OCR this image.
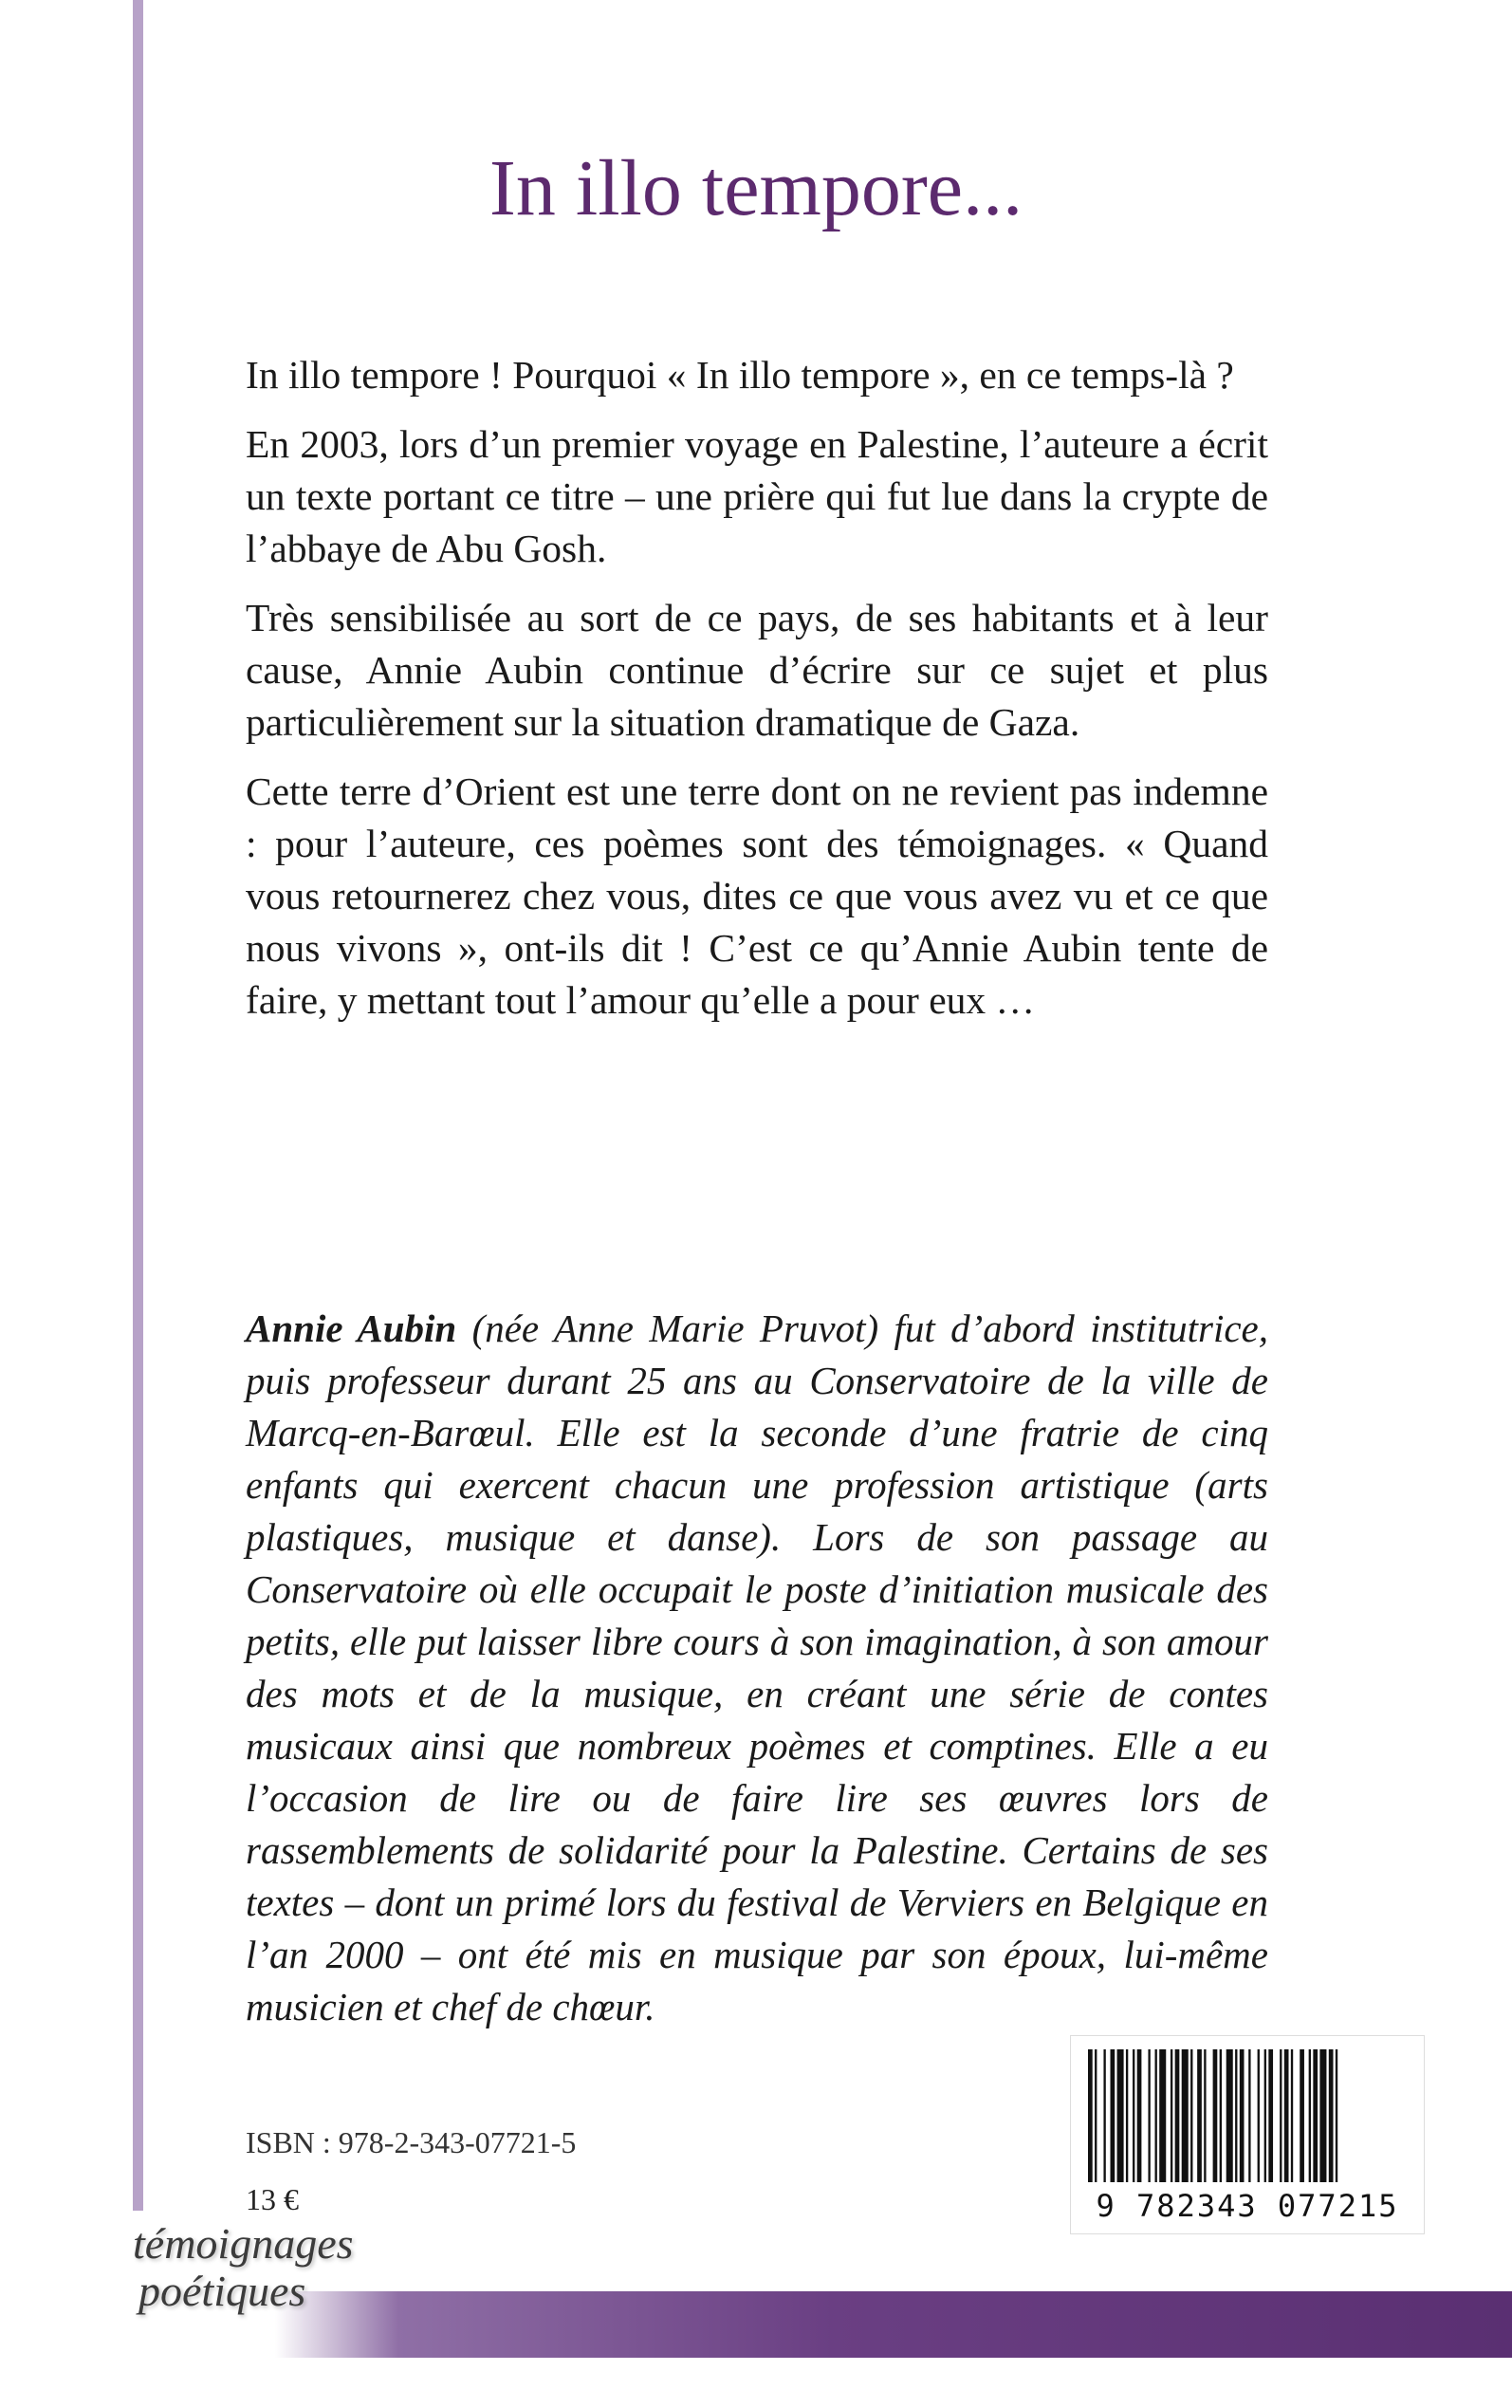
In illo tempore...

In illo tempore ! Pourquoi « In illo tempore », en ce temps-là ?

En 2003, lors d’un premier voyage en Palestine, l’auteure a écrit un texte portant ce titre – une prière qui fut lue dans la crypte de l’abbaye de Abu Gosh.

Très sensibilisée au sort de ce pays, de ses habitants et à leur cause, Annie Aubin continue d’écrire sur ce sujet et plus particulièrement sur la situation dramatique de Gaza.

Cette terre d’Orient est une terre dont on ne revient pas indemne : pour l’auteure, ces poèmes sont des témoignages. « Quand vous retournerez chez vous, dites ce que vous avez vu et ce que nous vivons », ont-ils dit ! C’est ce qu’Annie Aubin tente de faire, y mettant tout l’amour qu’elle a pour eux …

Annie Aubin (née Anne Marie Pruvot) fut d’abord institutrice, puis professeur durant 25 ans au Conservatoire de la ville de Marcq-en-Barœul. Elle est la seconde d’une fratrie de cinq enfants qui exercent chacun une profession artistique (arts plastiques, musique et danse). Lors de son passage au Conservatoire où elle occupait le poste d’initiation musicale des petits, elle put laisser libre cours à son imagination, à son amour des mots et de la musique, en créant une série de contes musicaux ainsi que nombreux poèmes et comptines. Elle a eu l’occasion de lire ou de faire lire ses œuvres lors de rassemblements de solidarité pour la Palestine. Certains de ses textes – dont un primé lors du festival de Verviers en Belgique en l’an 2000 – ont été mis en musique par son époux, lui-même musicien et chef de chœur.

ISBN : 978-2-343-07721-5
13 €	9 782343 077215
témoignages
poétiques
